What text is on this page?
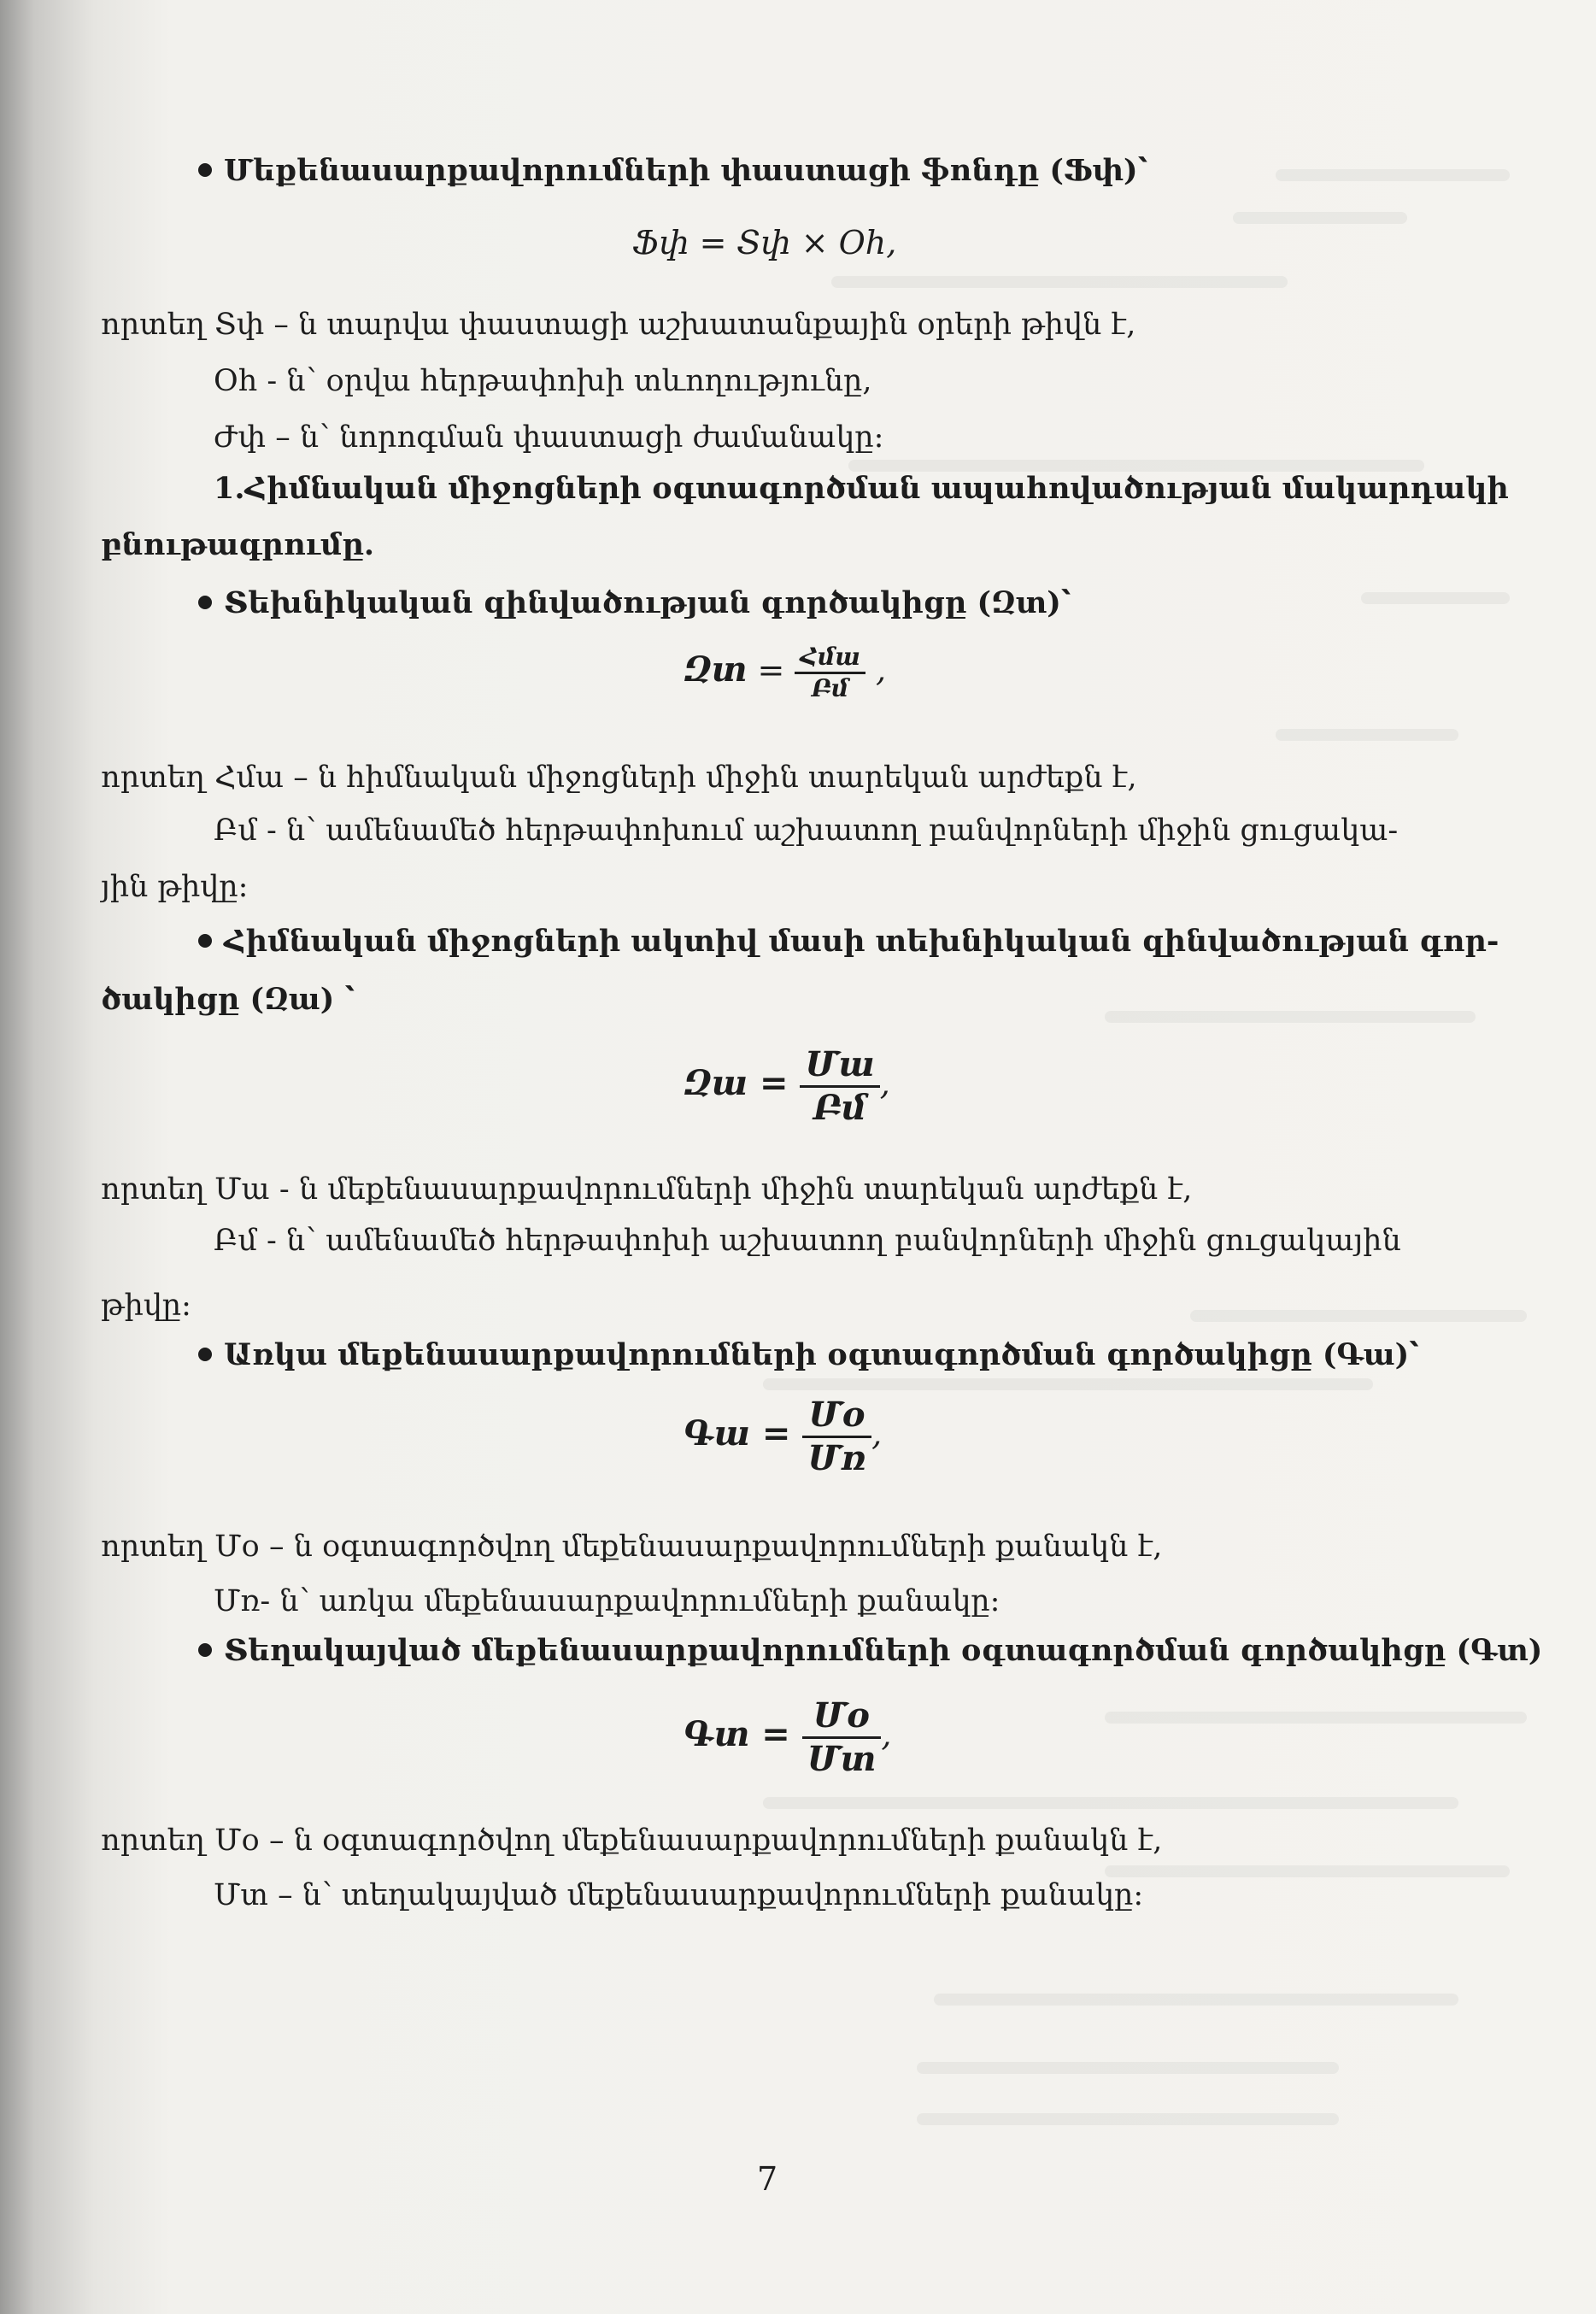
Մեքենասարքավորումների փաստացի ֆոնդը (Ֆփ)՝
Ֆփ = Տփ × Oh,
որտեղ Տփ – ն տարվա փաստացի աշխատանքային օրերի թիվն է,
Oh - ն՝ օրվա հերթափոխի տևողությունը,
Ժփ – ն՝ նորոգման փաստացի ժամանակը:
1.Հիմնական միջոցների օգտագործման ապահովածության մակարդակի
բնութագրումը.
Տեխնիկական զինվածության գործակիցը (Զտ)՝
Զտ = $\frac{\text{Հմա}}{\text{Բմ}}$ ,
որտեղ Հմա – ն հիմնական միջոցների միջին տարեկան արժեքն է,
Բմ - ն՝ ամենամեծ հերթափոխում աշխատող բանվորների միջին ցուցակա-
յին թիվը:
Հիմնական միջոցների ակտիվ մասի տեխնիկական զինվածության գոր-
ծակիցը (Զա) ՝
Զա = $\frac{\text{Մա}}{\text{Բմ}}$ ,
որտեղ Մա - ն մեքենասարքավորումների միջին տարեկան արժեքն է,
Բմ - ն՝ ամենամեծ հերթափոխի աշխատող բանվորների միջին ցուցակային
թիվը:
Առկա մեքենասարքավորումների օգտագործման գործակիցը (Գա)՝
Գա = $\frac{\text{Մօ}}{\text{Մռ}}$ ,
որտեղ Մօ – ն օգտագործվող մեքենասարքավորումների քանակն է,
Մռ- ն՝ առկա մեքենասարքավորումների քանակը:
Տեղակայված մեքենասարքավորումների օգտագործման գործակիցը (Գտ)
Գտ = $\frac{\text{Մօ}}{\text{Մտ}}$ ,
որտեղ Մօ – ն օգտագործվող մեքենասարքավորումների քանակն է,
Մտ – ն՝ տեղակայված մեքենասարքավորումների քանակը:
7
